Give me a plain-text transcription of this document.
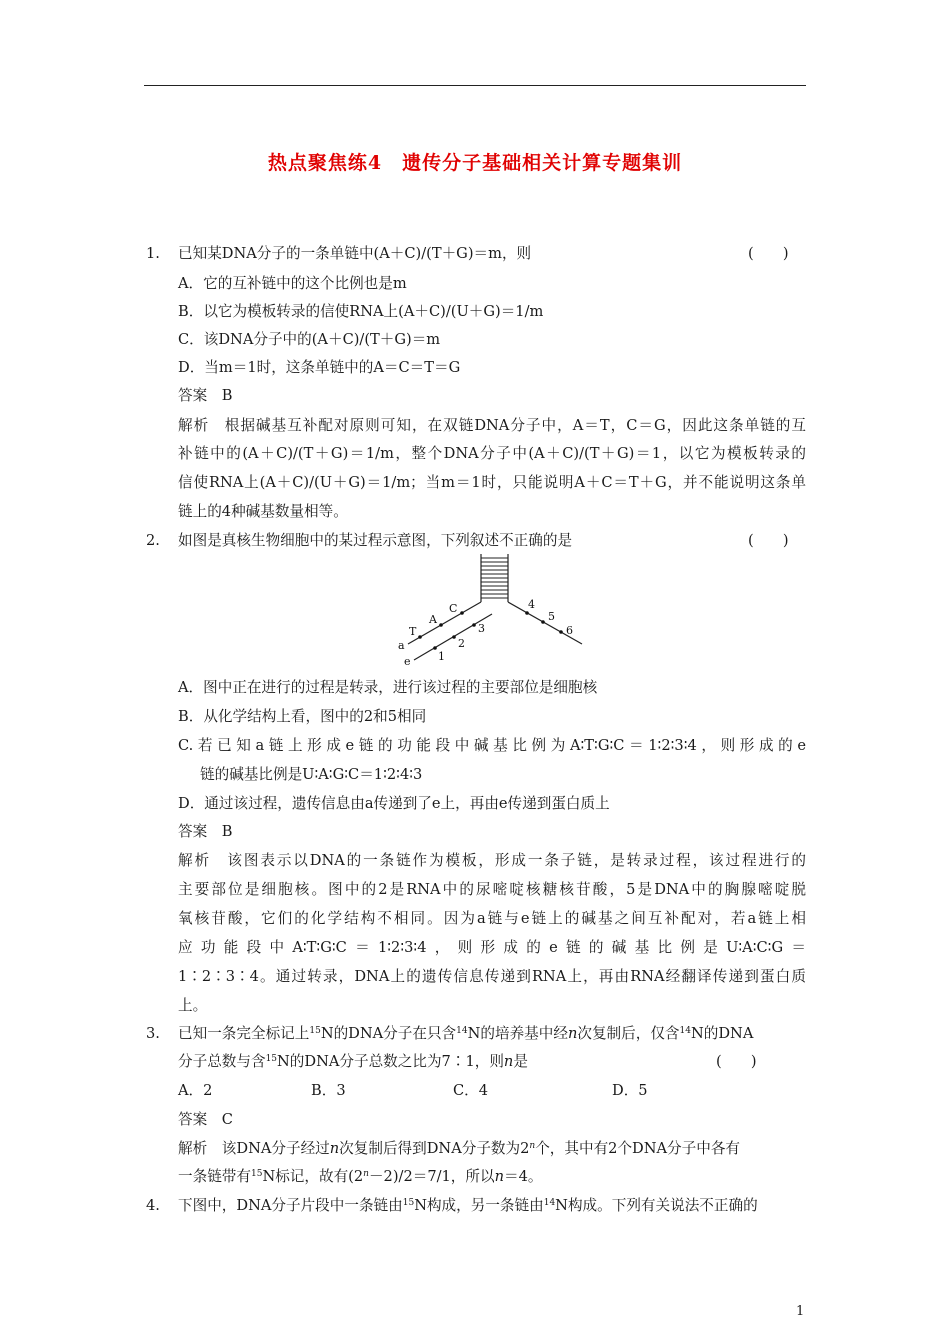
热点聚焦练4　遗传分子基础相关计算专题集训
1. 已知某DNA分子的一条单链中(A＋C)/(T＋G)＝m，则	(　　)
A．它的互补链中的这个比例也是m
B．以它为模板转录的信使RNA上(A＋C)/(U＋G)＝1/m
C．该DNA分子中的(A＋C)/(T＋G)＝m
D．当m＝1时，这条单链中的A＝C＝T＝G
答案　B
解析　根据碱基互补配对原则可知，在双链DNA分子中，A＝T，C＝G，因此这条单链的互
补链中的(A＋C)/(T＋G)＝1/m，整个DNA分子中(A＋C)/(T＋G)＝1，以它为模板转录的
信使RNA上(A＋C)/(U＋G)＝1/m；当m＝1时，只能说明A＋C＝T＋G，并不能说明这条单
链上的4种碱基数量相等。
2. 如图是真核生物细胞中的某过程示意图，下列叙述不正确的是	(　　)
T
A
C
a
e 1
2
3
4
5
6
A．图中正在进行的过程是转录，进行该过程的主要部位是细胞核
B．从化学结构上看，图中的2和5相同
C.若已知a链上形成e链的功能段中碱基比例为A∶T∶G∶C＝1∶2∶3∶4，则形成的e
链的碱基比例是U∶A∶G∶C＝1∶2∶4∶3
D．通过该过程，遗传信息由a传递到了e上，再由e传递到蛋白质上
答案　B
解析　该图表示以DNA的一条链作为模板，形成一条子链，是转录过程，该过程进行的
主要部位是细胞核。图中的2是RNA中的尿嘧啶核糖核苷酸，5是DNA中的胸腺嘧啶脱
氧核苷酸，它们的化学结构不相同。因为a链与e链上的碱基之间互补配对，若a链上相
应功能段中A∶T∶G∶C＝1∶2∶3∶4，则形成的e链的碱基比例是U∶A∶C∶G＝
1∶2∶3∶4。通过转录，DNA上的遗传信息传递到RNA上，再由RNA经翻译传递到蛋白质
上。
3. 已知一条完全标记上$^{15}$N的DNA分子在只含$^{14}$N的培养基中经n次复制后，仅含$^{14}$N的DNA
分子总数与含$^{15}$N的DNA分子总数之比为7∶1，则n是	(　　)
A．2	B．3	C．4	D．5
答案　C
解析　该DNA分子经过n次复制后得到DNA分子数为2$^n$个，其中有2个DNA分子中各有
一条链带有$^{15}$N标记，故有$(2^n-2)/2=7/1$，所以n＝4。
4. 下图中，DNA分子片段中一条链由$^{15}$N构成，另一条链由$^{14}$N构成。下列有关说法不正确的
1
